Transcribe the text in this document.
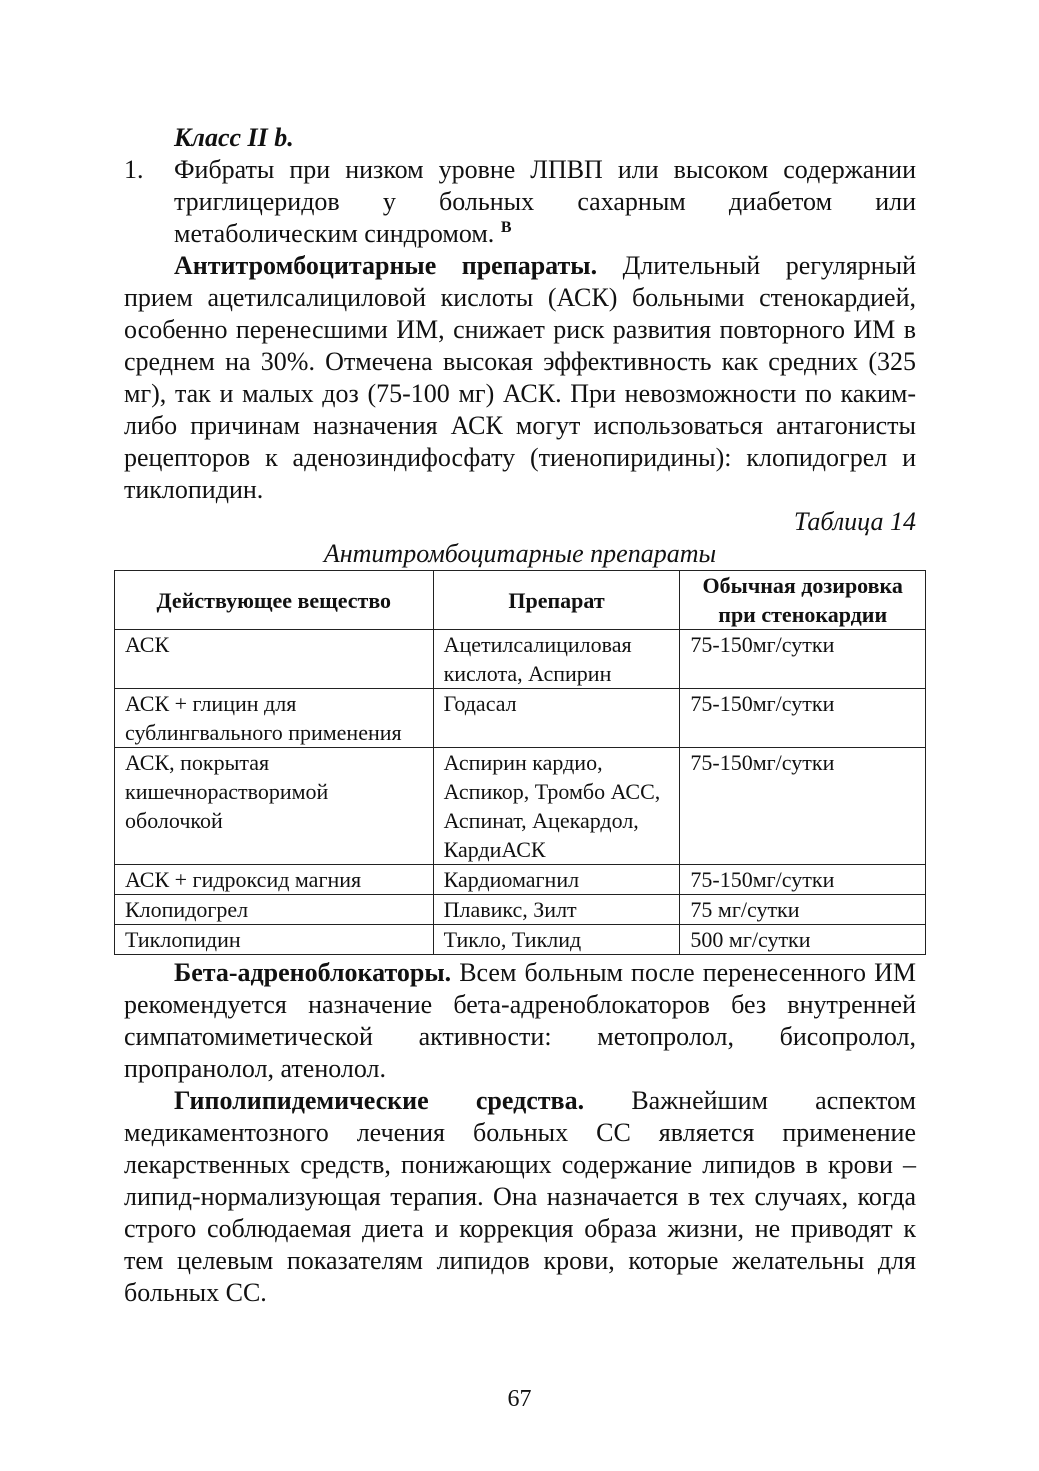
Класс II b.

1.	Фибраты при низком уровне ЛПВП или высоком содержании триглицеридов у больных сахарным диабетом или метаболическим синдромом. $^В$

Антитромбоцитарные препараты. Длительный регулярный прием ацетилсалициловой кислоты (АСК) больными стенокардией, особенно перенесшими ИМ, снижает риск развития повторного ИМ в среднем на 30%. Отмечена высокая эффективность как средних (325 мг), так и малых доз (75-100 мг) АСК. При невозможности по каким-либо причинам назначения АСК могут использоваться антагонисты рецепторов к аденозиндифосфату (тиенопиридины): клопидогрел и тиклопидин.

Таблица 14

Антитромбоцитарные препараты

Действующее вещество	Препарат	Обычная дозировка при стенокардии
АСК	Ацетилсалициловая кислота, Аспирин	75-150мг/сутки
АСК + глицин для сублингвального применения	Годасал	75-150мг/сутки
АСК, покрытая кишечнорастворимой оболочкой	Аспирин кардио, Аспикор, Тромбо АСС, Аспинат, Ацекардол, КардиАСК	75-150мг/сутки
АСК + гидроксид магния	Кардиомагнил	75-150мг/сутки
Клопидогрел	Плавикс, Зилт	75 мг/сутки
Тиклопидин	Тикло, Тиклид	500 мг/сутки

Бета-адреноблокаторы. Всем больным после перенесенного ИМ рекомендуется назначение бета-адреноблокаторов без внутренней симпатомиметической активности: метопролол, бисопролол, пропранолол, атенолол.

Гиполипидемические средства. Важнейшим аспектом медикаментозного лечения больных СС является применение лекарственных средств, понижающих содержание липидов в крови – липид-нормализующая терапия. Она назначается в тех случаях, когда строго соблюдаемая диета и коррекция образа жизни, не приводят к тем целевым показателям липидов крови, которые желательны для больных СС.

67
